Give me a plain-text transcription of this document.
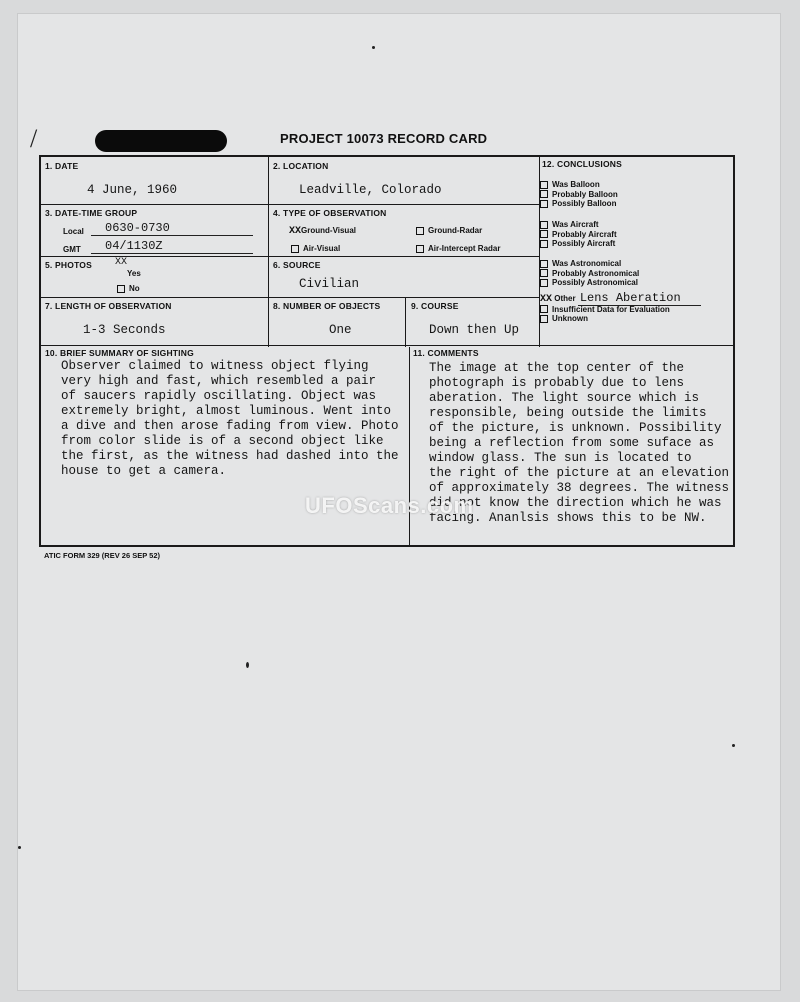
/	PROJECT 10073 RECORD CARD
1. DATE
4 June, 1960
2. LOCATION
Leadville, Colorado
3. DATE-TIME GROUP
Local 0630-0730
GMT 04/1130Z
4. TYPE OF OBSERVATION
XXGround-Visual	Ground-Radar
Air-Visual	Air-Intercept Radar
5. PHOTOS XX
Yes
No
6. SOURCE
Civilian
7. LENGTH OF OBSERVATION
1-3 Seconds
8. NUMBER OF OBJECTS
One
9. COURSE
Down then Up
10. BRIEF SUMMARY OF SIGHTING
Observer claimed to witness object flying
very high and fast, which resembled a pair
of saucers rapidly oscillating. Object was
extremely bright, almost luminous. Went into
a dive and then arose fading from view. Photo
from color slide is of a second object like
the first, as the witness had dashed into the
house to get a camera.
11. COMMENTS
The image at the top center of the
photograph is probably due to lens
aberation. The light source which is
responsible, being outside the limits
of the picture, is unknown. Possibility
being a reflection from some suface as
window glass. The sun is located to
the right of the picture at an elevation
of approximately 38 degrees. The witness
did not know the direction which he was
facing. Ananlsis shows this to be NW.
12. CONCLUSIONS
Was Balloon
Probably Balloon
Possibly Balloon
Was Aircraft
Probably Aircraft
Possibly Aircraft
Was Astronomical
Probably Astronomical
Possibly Astronomical
XX Other Lens Aberation
Insufficient Data for Evaluation
Unknown
ATIC FORM 329 (REV 26 SEP 52)
UFOScans.com
